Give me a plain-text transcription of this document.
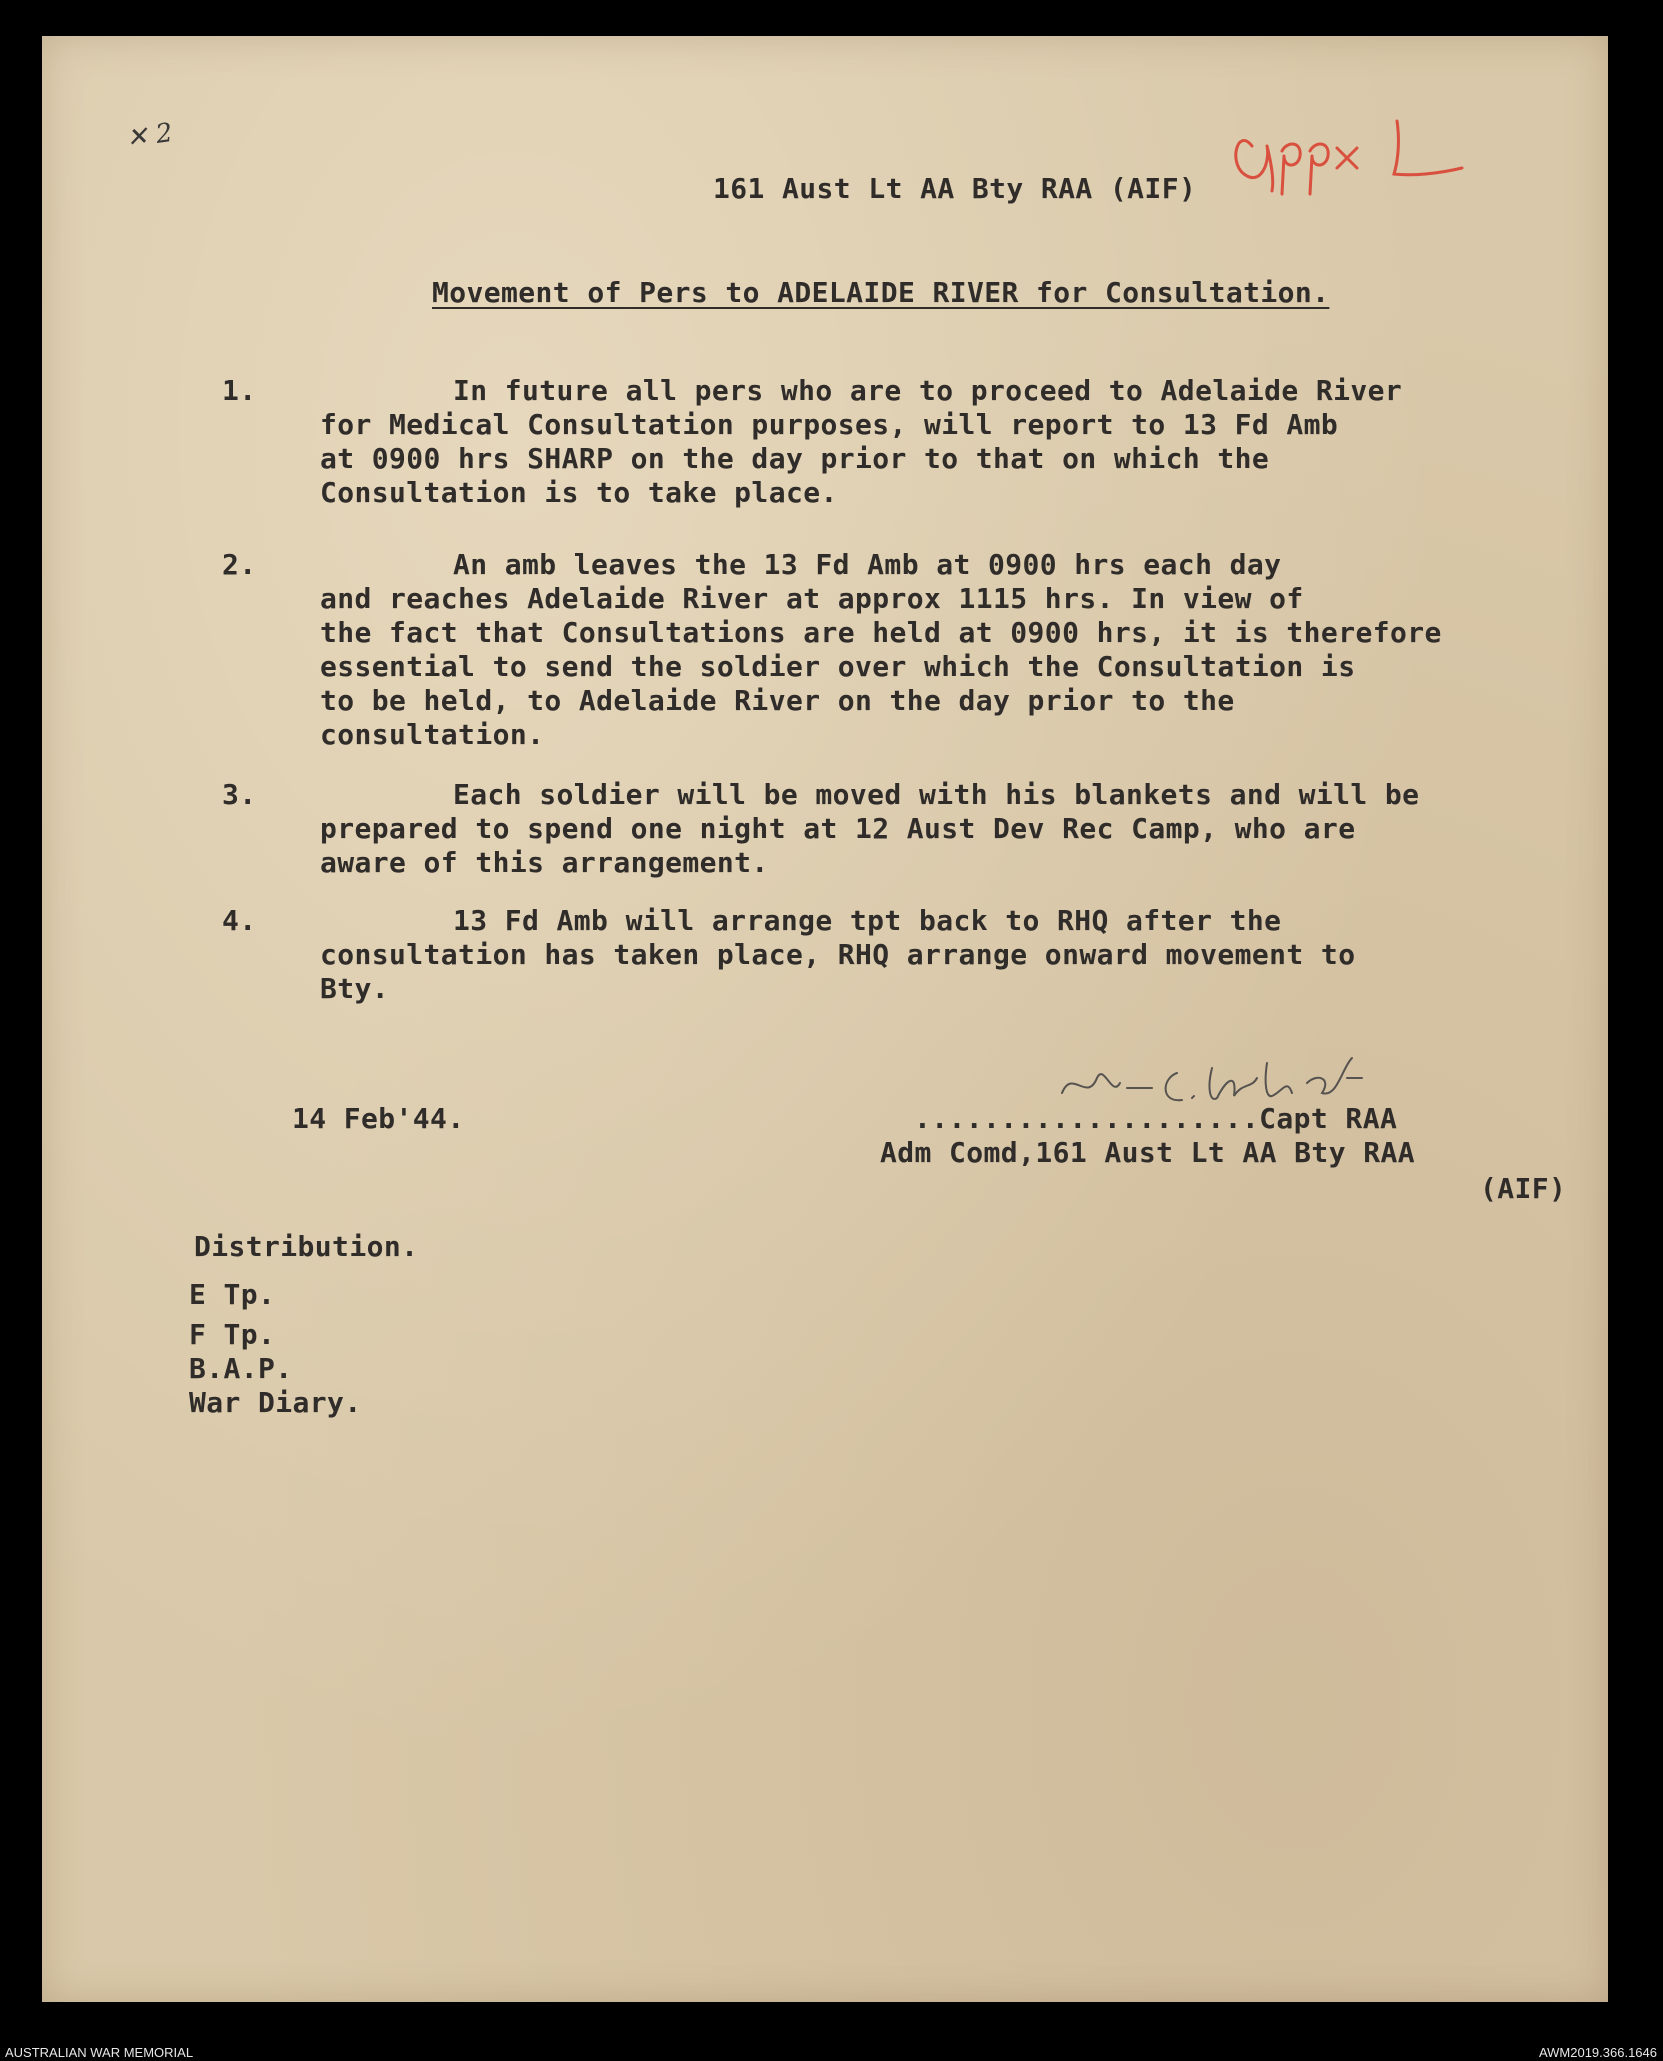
✕ 2
161 Aust Lt AA Bty RAA (AIF)
Movement of Pers to ADELAIDE RIVER for Consultation.
1.	In future all pers who are to proceed to Adelaide River
for Medical Consultation purposes, will report to 13 Fd Amb
at 0900 hrs SHARP on the day prior to that on which the
Consultation is to take place.
2.	An amb leaves the 13 Fd Amb at 0900 hrs each day
and reaches Adelaide River at approx 1115 hrs. In view of
the fact that Consultations are held at 0900 hrs, it is therefore
essential to send the soldier over which the Consultation is
to be held, to Adelaide River on the day prior to the
consultation.
3.	Each soldier will be moved with his blankets and will be
prepared to spend one night at 12 Aust Dev Rec Camp, who are
aware of this arrangement.
4.	13 Fd Amb will arrange tpt back to RHQ after the
consultation has taken place, RHQ arrange onward movement to
Bty.
14 Feb'44.	....................Capt RAA
Adm Comd,161 Aust Lt AA Bty RAA
(AIF)
Distribution.
E Tp.
F Tp.
B.A.P.
War Diary.
AUSTRALIAN WAR MEMORIAL	AWM2019.366.1646
